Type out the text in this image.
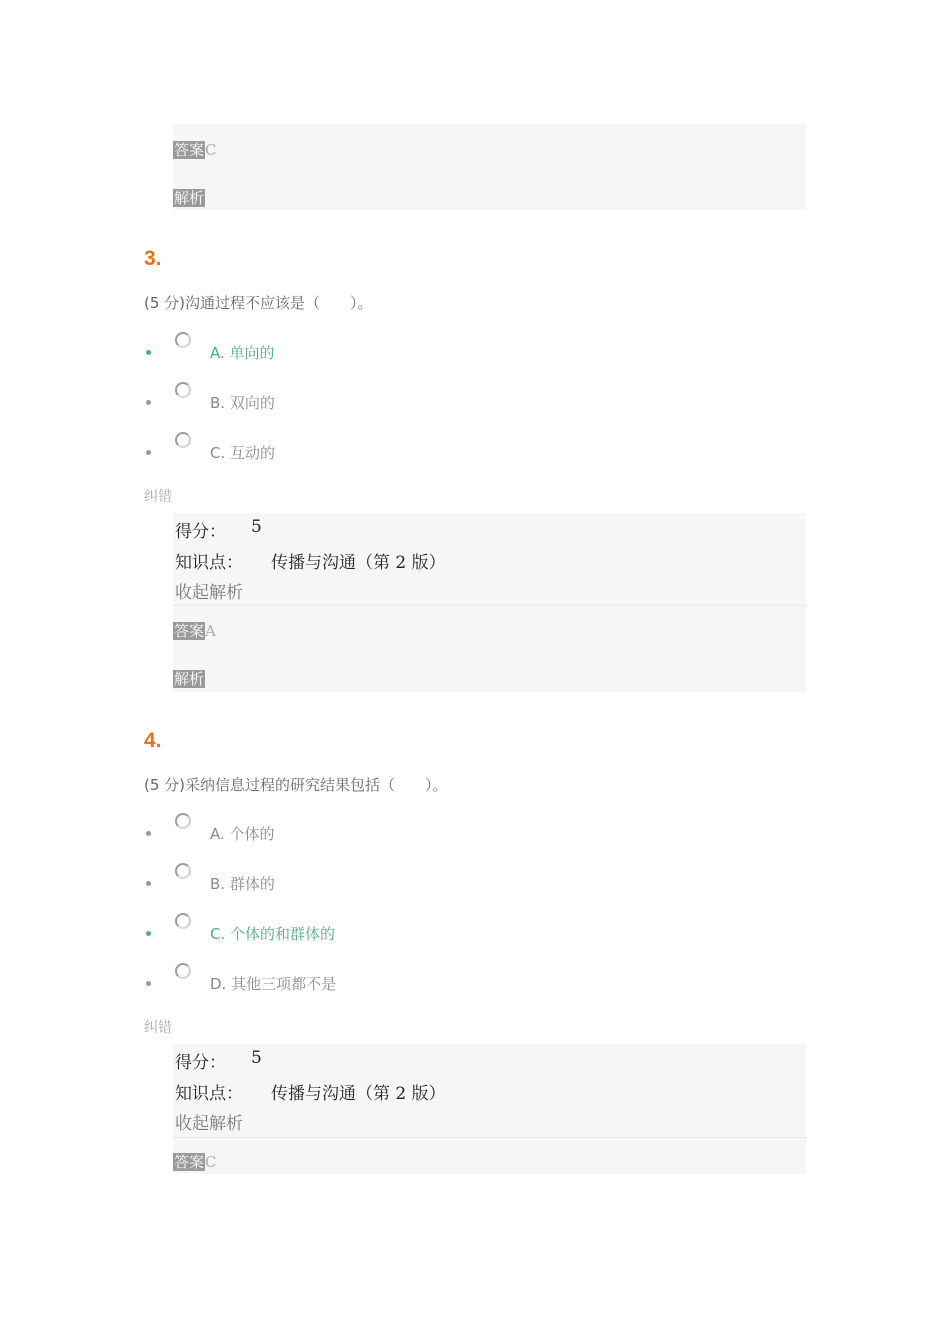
答案C
解析
3.
(5 分)沟通过程不应该是（　　）。
A. 单向的
B. 双向的
C. 互动的
纠错
得分： 5
知识点： 传播与沟通（第 2 版）
收起解析
答案A
解析
4.
(5 分)采纳信息过程的研究结果包括（　　）。
A. 个体的
B. 群体的
C. 个体的和群体的
D. 其他三项都不是
纠错
得分： 5
知识点： 传播与沟通（第 2 版）
收起解析
答案C
